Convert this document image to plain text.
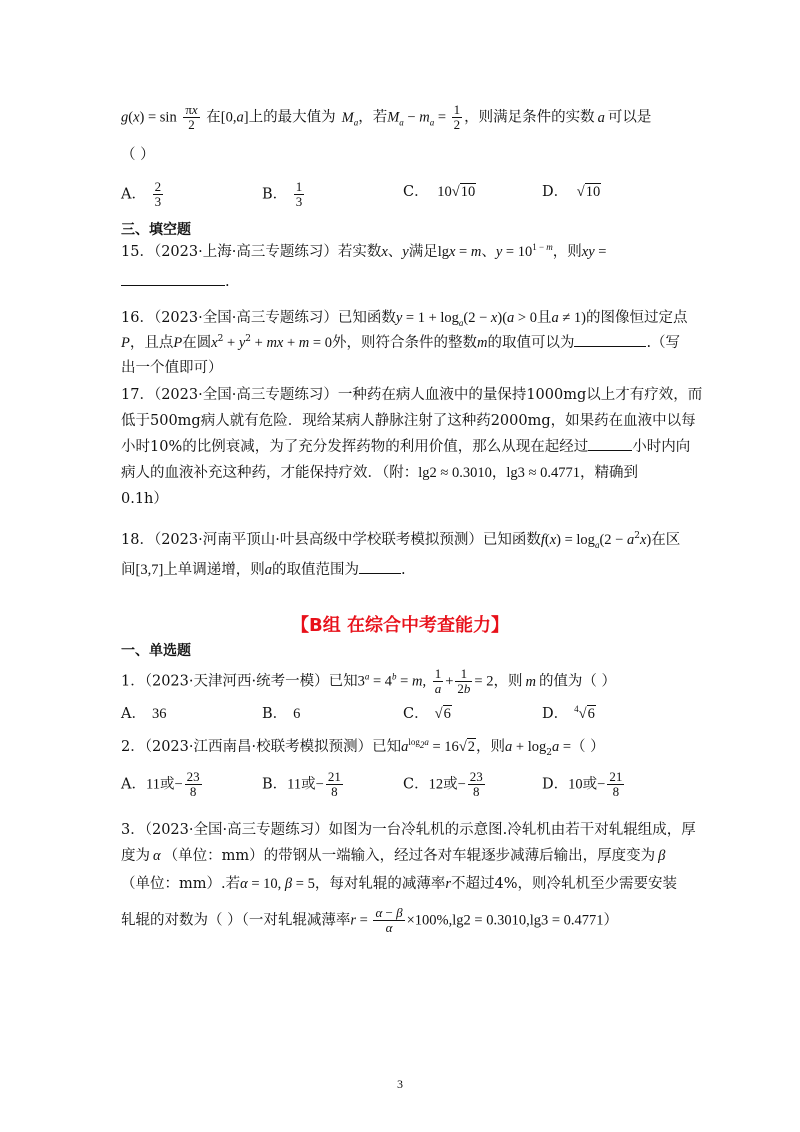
$g(x) = \sin \frac{\pi x}{2}$ 在[0,a]上的最大值为 $M_a$，若$M_a - m_a = \frac{1}{2}$ ，则满足条件的实数 a 可以是
（ ）
A． $\frac{2}{3}$	B． $\frac{1}{3}$	C． 10√10	D． √10
三、填空题
15．（2023·上海·高三专题练习）若实数x、y满足lgx = m、$y = 10^{1 - m}$，则xy =
.
16．（2023·全国·高三专题练习）已知函数$y = 1 + \log_a(2 - x)(a > 0$且a ≠ 1)的图像恒过定点
P，且点P在圆$x^2 + y^2$ + mx + m = 0外，则符合条件的整数m的取值可以为	.（写
出一个值即可）
17．（2023·全国·高三专题练习）一种药在病人血液中的量保持1000mg以上才有疗效，而
低于500mg病人就有危险．现给某病人静脉注射了这种药2000mg，如果药在血液中以每
小时10%的比例衰减，为了充分发挥药物的利用价值，那么从现在起经过	小时内向
病人的血液补充这种药，才能保持疗效．（附：lg2 ≈ 0.3010，lg3 ≈ 0.4771，精确到
0.1h）
18．（2023·河南平顶山·叶县高级中学校联考模拟预测）已知函数$f(x) = \log_a(2 - a^2x)$在区
间[3,7]上单调递增，则a的取值范围为	.
【B组 在综合中考查能力】
一、单选题
1．（2023·天津河西·统考一模）已知$3^a = 4^b = m$, $\frac{1}{a} + \frac{1}{2b} = 2$，则 m 的值为（ ）
A． 36	B． 6	C． √6	D． $^4$√6
2．（2023·江西南昌·校联考模拟预测）已知$a^{log_2a} = 16√2$，则$a + \log_2a$ =（ ）
A．11或− $\frac{23}{8}$	B．11或− $\frac{21}{8}$	C．12或− $\frac{23}{8}$	D．10或− $\frac{21}{8}$
3．（2023·全国·高三专题练习）如图为一台冷轧机的示意图.冷轧机由若干对轧辊组成，厚
度为 α （单位：mm）的带钢从一端输入，经过各对车辊逐步减薄后输出，厚度变为 β
（单位：mm）.若α = 10, β = 5，每对轧辊的减薄率r不超过4%，则冷轧机至少需要安装
轧辊的对数为（ ）（一对轧辊减薄率$r = \frac{\alpha - \beta}{\alpha} \times 100\%,\lg 2 = 0.3010,\lg 3 = 0.4771$）
3
